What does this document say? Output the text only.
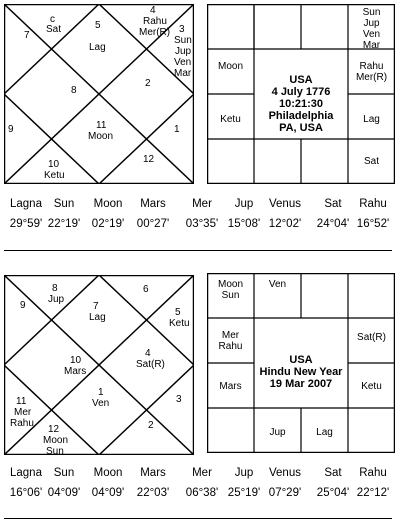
7
c
Sat	5
Lag
4
Rahu
Mer(R) 3
Sun
Jup
Ven
Mar
2
8
11
Moon
1
9
10
Ketu
12
Sun
Jup
Ven
Mar
Moon	Rahu
Mer(R)
Ketu	Lag
Sat
USA
4 July 1776
10:21:30
Philadelphia
PA, USA
Lagna	Sun	Moon	Mars	Mer	Jup	Venus	Sat	Rahu
29°59' 22°19'	02°19'	00°27'	03°35' 15°08' 12°02'	24°04' 16°52'
9
8
Jup
7
Lag
6
5
Ketu
4
Sat(R)
10
Mars
1
Ven	3
11
Mer
Rahu
12
Moon
Sun
2
Moon
Sun
Ven
Mer
Rahu
Sat(R)
Mars	Ketu
Jup	Lag
USA
Hindu New Year
19 Mar 2007
Lagna	Sun	Moon	Mars	Mer	Jup	Venus	Sat	Rahu
16°06' 04°09'	04°09'	22°03'	06°38' 25°19' 07°29'	25°04' 22°12'
